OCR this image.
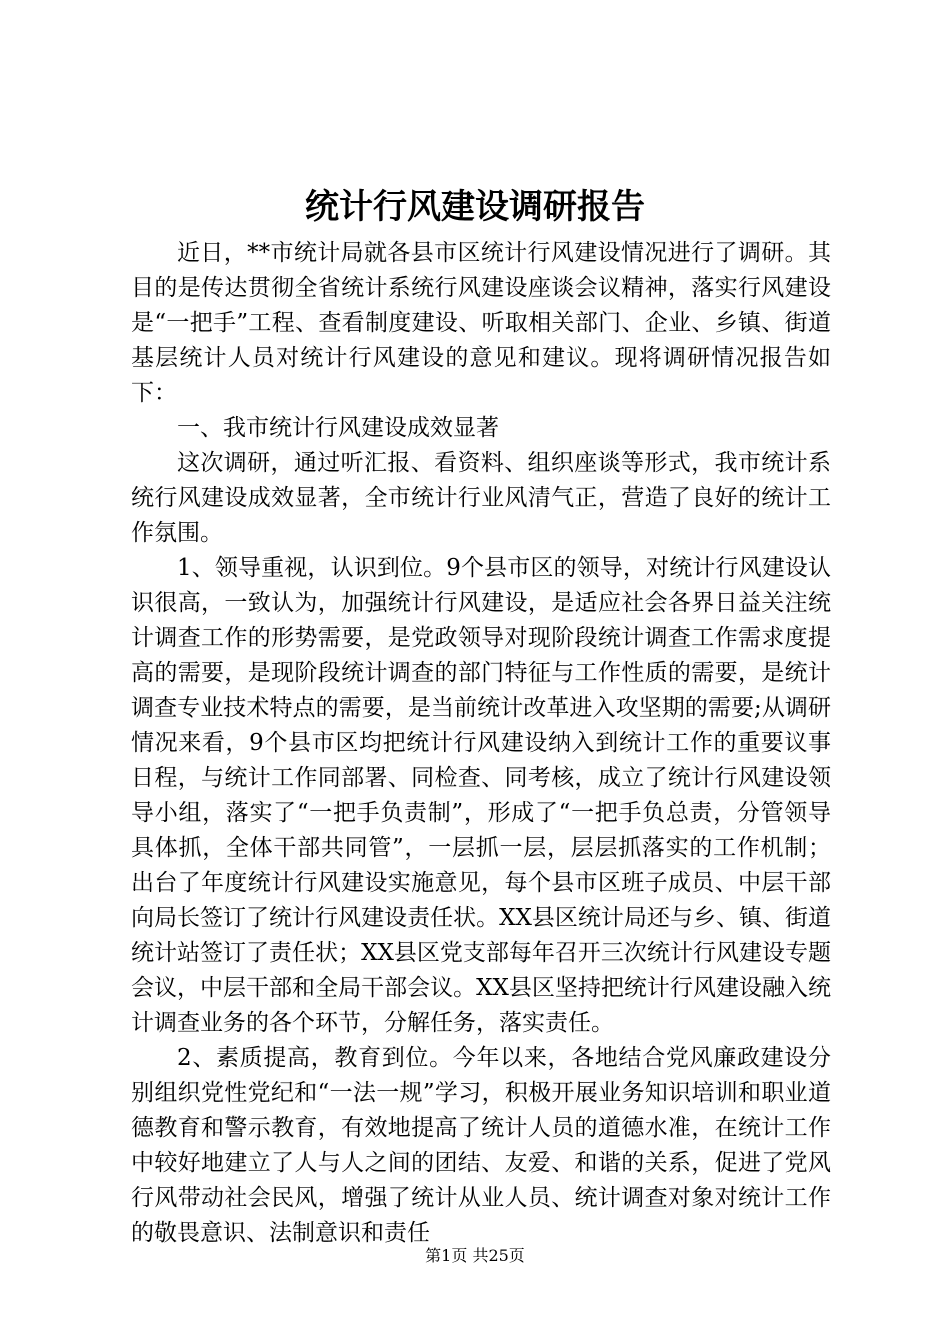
统计行风建设调研报告

近日，**市统计局就各县市区统计行风建设情况进行了调研。其目的是传达贯彻全省统计系统行风建设座谈会议精神，落实行风建设是“一把手”工程、查看制度建设、听取相关部门、企业、乡镇、街道基层统计人员对统计行风建设的意见和建议。现将调研情况报告如下：

一、我市统计行风建设成效显著

这次调研，通过听汇报、看资料、组织座谈等形式，我市统计系统行风建设成效显著，全市统计行业风清气正，营造了良好的统计工作氛围。

1、领导重视，认识到位。9个县市区的领导，对统计行风建设认识很高，一致认为，加强统计行风建设，是适应社会各界日益关注统计调查工作的形势需要，是党政领导对现阶段统计调查工作需求度提高的需要，是现阶段统计调查的部门特征与工作性质的需要，是统计调查专业技术特点的需要，是当前统计改革进入攻坚期的需要;从调研情况来看，9个县市区均把统计行风建设纳入到统计工作的重要议事日程，与统计工作同部署、同检查、同考核，成立了统计行风建设领导小组，落实了“一把手负责制”，形成了“一把手负总责，分管领导具体抓，全体干部共同管”，一层抓一层，层层抓落实的工作机制；出台了年度统计行风建设实施意见，每个县市区班子成员、中层干部向局长签订了统计行风建设责任状。XX县区统计局还与乡、镇、街道统计站签订了责任状；XX县区党支部每年召开三次统计行风建设专题会议，中层干部和全局干部会议。XX县区坚持把统计行风建设融入统计调查业务的各个环节，分解任务，落实责任。

2、素质提高，教育到位。今年以来，各地结合党风廉政建设分别组织党性党纪和“一法一规”学习，积极开展业务知识培训和职业道德教育和警示教育，有效地提高了统计人员的道德水准，在统计工作中较好地建立了人与人之间的团结、友爱、和谐的关系，促进了党风行风带动社会民风，增强了统计从业人员、统计调查对象对统计工作的敬畏意识、法制意识和责任

第1页 共25页
